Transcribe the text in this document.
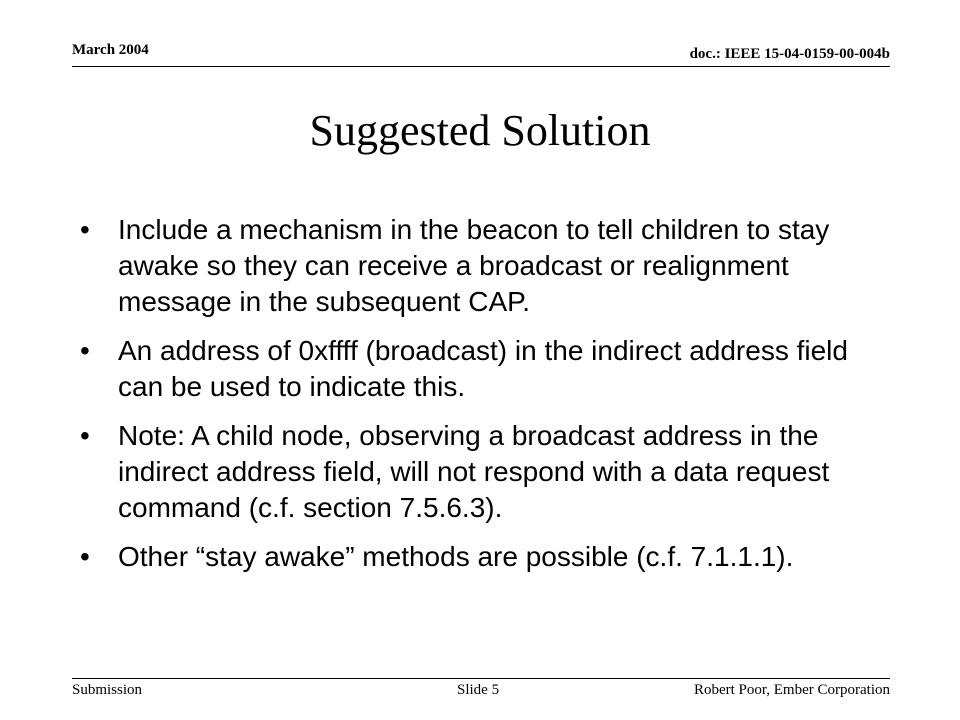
March 2004	doc.: IEEE 15-04-0159-00-004b
Suggested Solution
• Include a mechanism in the beacon to tell children to stay awake so they can receive a broadcast or realignment message in the subsequent CAP.
• An address of 0xffff (broadcast) in the indirect address field can be used to indicate this.
• Note: A child node, observing a broadcast address in the indirect address field, will not respond with a data request command (c.f. section 7.5.6.3).
• Other “stay awake” methods are possible (c.f. 7.1.1.1).
Submission	Slide 5	Robert Poor, Ember Corporation
